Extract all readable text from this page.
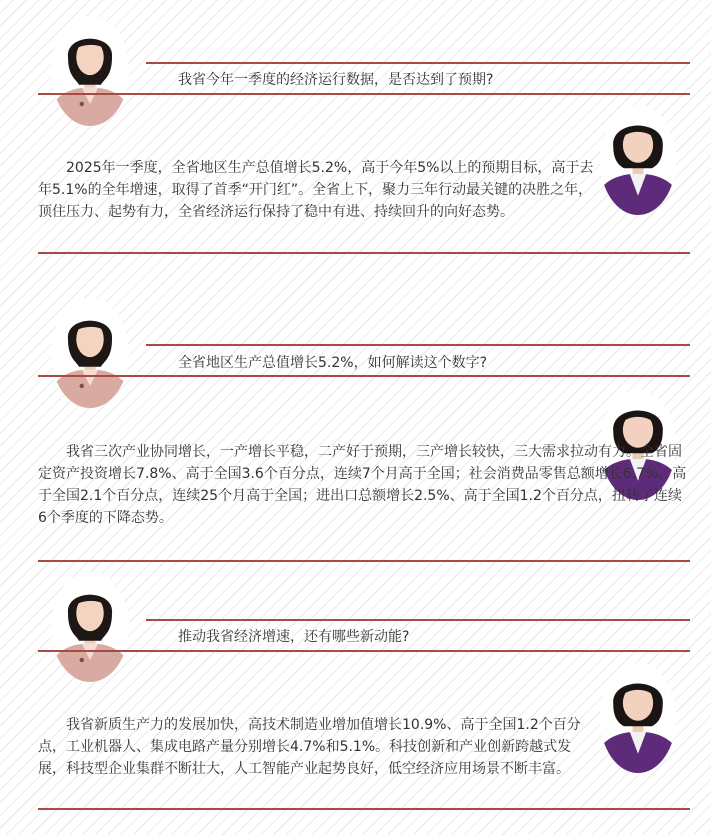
我省今年一季度的经济运行数据，是否达到了预期?

2025年一季度，全省地区生产总值增长5.2%，高于今年5%以上的预期目标，高于去年5.1%的全年增速，取得了首季“开门红”。全省上下，聚力三年行动最关键的决胜之年，顶住压力、起势有力，全省经济运行保持了稳中有进、持续回升的向好态势。

全省地区生产总值增长5.2%，如何解读这个数字?

我省三次产业协同增长，一产增长平稳，二产好于预期，三产增长较快，三大需求拉动有力。全省固定资产投资增长7.8%、高于全国3.6个百分点，连续7个月高于全国；社会消费品零售总额增长6.7%、高于全国2.1个百分点，连续25个月高于全国；进出口总额增长2.5%、高于全国1.2个百分点，扭转了连续6个季度的下降态势。

推动我省经济增速，还有哪些新动能?

我省新质生产力的发展加快，高技术制造业增加值增长10.9%、高于全国1.2个百分点，工业机器人、集成电路产量分别增长4.7%和5.1%。科技创新和产业创新跨越式发展，科技型企业集群不断壮大，人工智能产业起势良好，低空经济应用场景不断丰富。
